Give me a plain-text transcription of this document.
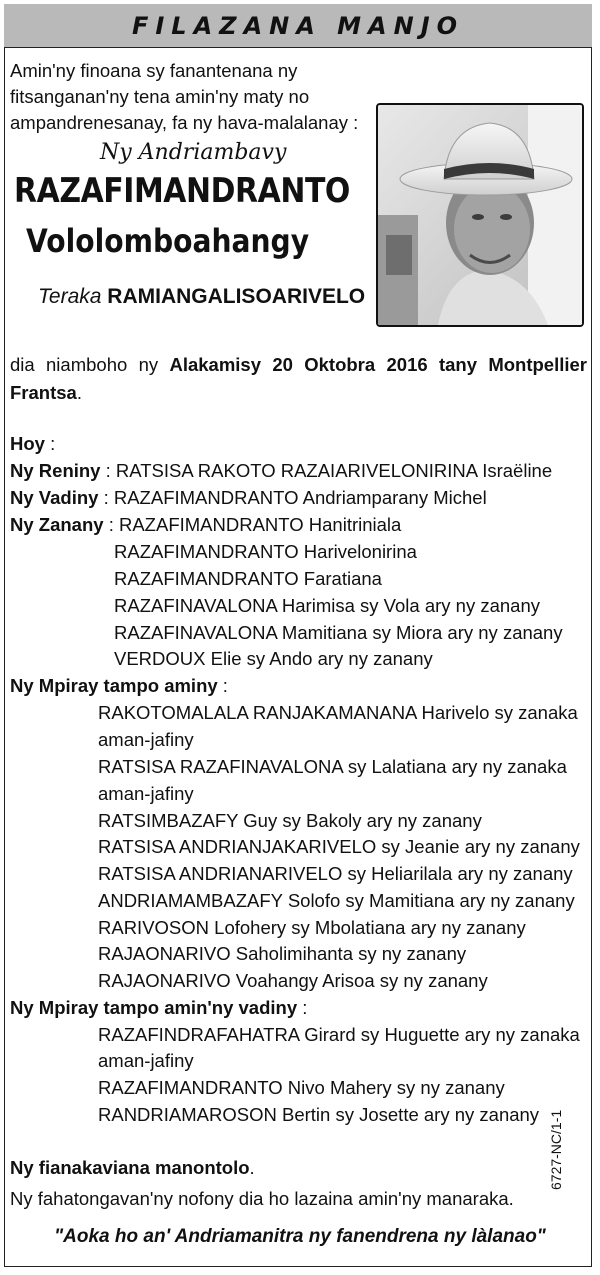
FILAZANA MANJO
Amin'ny finoana sy fanantenana ny fitsanganan'ny tena amin'ny maty no ampandrenesanay, fa ny hava-malalanay :
Ny Andriambavy
RAZAFIMANDRANTO
Vololomboahangy
Teraka RAMIANGALISOARIVELO
dia niamboho ny Alakamisy 20 Oktobra 2016 tany Montpellier Frantsa.
Hoy :
Ny Reniny : RATSISA RAKOTO RAZAIARIVELONIRINA Israëline
Ny Vadiny : RAZAFIMANDRANTO Andriamparany Michel
Ny Zanany : RAZAFIMANDRANTO Hanitriniala
RAZAFIMANDRANTO Harivelonirina
RAZAFIMANDRANTO Faratiana
RAZAFINAVALONA Harimisa sy Vola ary ny zanany
RAZAFINAVALONA Mamitiana sy Miora ary ny zanany
VERDOUX Elie sy Ando ary ny zanany
Ny Mpiray tampo aminy :
RAKOTOMALALA RANJAKAMANANA Harivelo sy zanaka
aman-jafiny
RATSISA RAZAFINAVALONA sy Lalatiana ary ny zanaka
aman-jafiny
RATSIMBAZAFY Guy sy Bakoly ary ny zanany
RATSISA ANDRIANJAKARIVELO sy Jeanie ary ny zanany
RATSISA ANDRIANARIVELO sy Heliarilala ary ny zanany
ANDRIAMAMBAZAFY Solofo sy Mamitiana ary ny zanany
RARIVOSON Lofohery sy Mbolatiana ary ny zanany
RAJAONARIVO Saholimihanta sy ny zanany
RAJAONARIVO Voahangy Arisoa sy ny zanany
Ny Mpiray tampo amin'ny vadiny :
RAZAFINDRAFAHATRA Girard sy Huguette ary ny zanaka
aman-jafiny
RAZAFIMANDRANTO Nivo Mahery sy ny zanany
RANDRIAMAROSON Bertin sy Josette ary ny zanany
Ny fianakaviana manontolo.
Ny fahatongavan'ny nofony dia ho lazaina amin'ny manaraka.
"Aoka ho an' Andriamanitra ny fanendrena ny làlanao"
6727-NC/1-1
